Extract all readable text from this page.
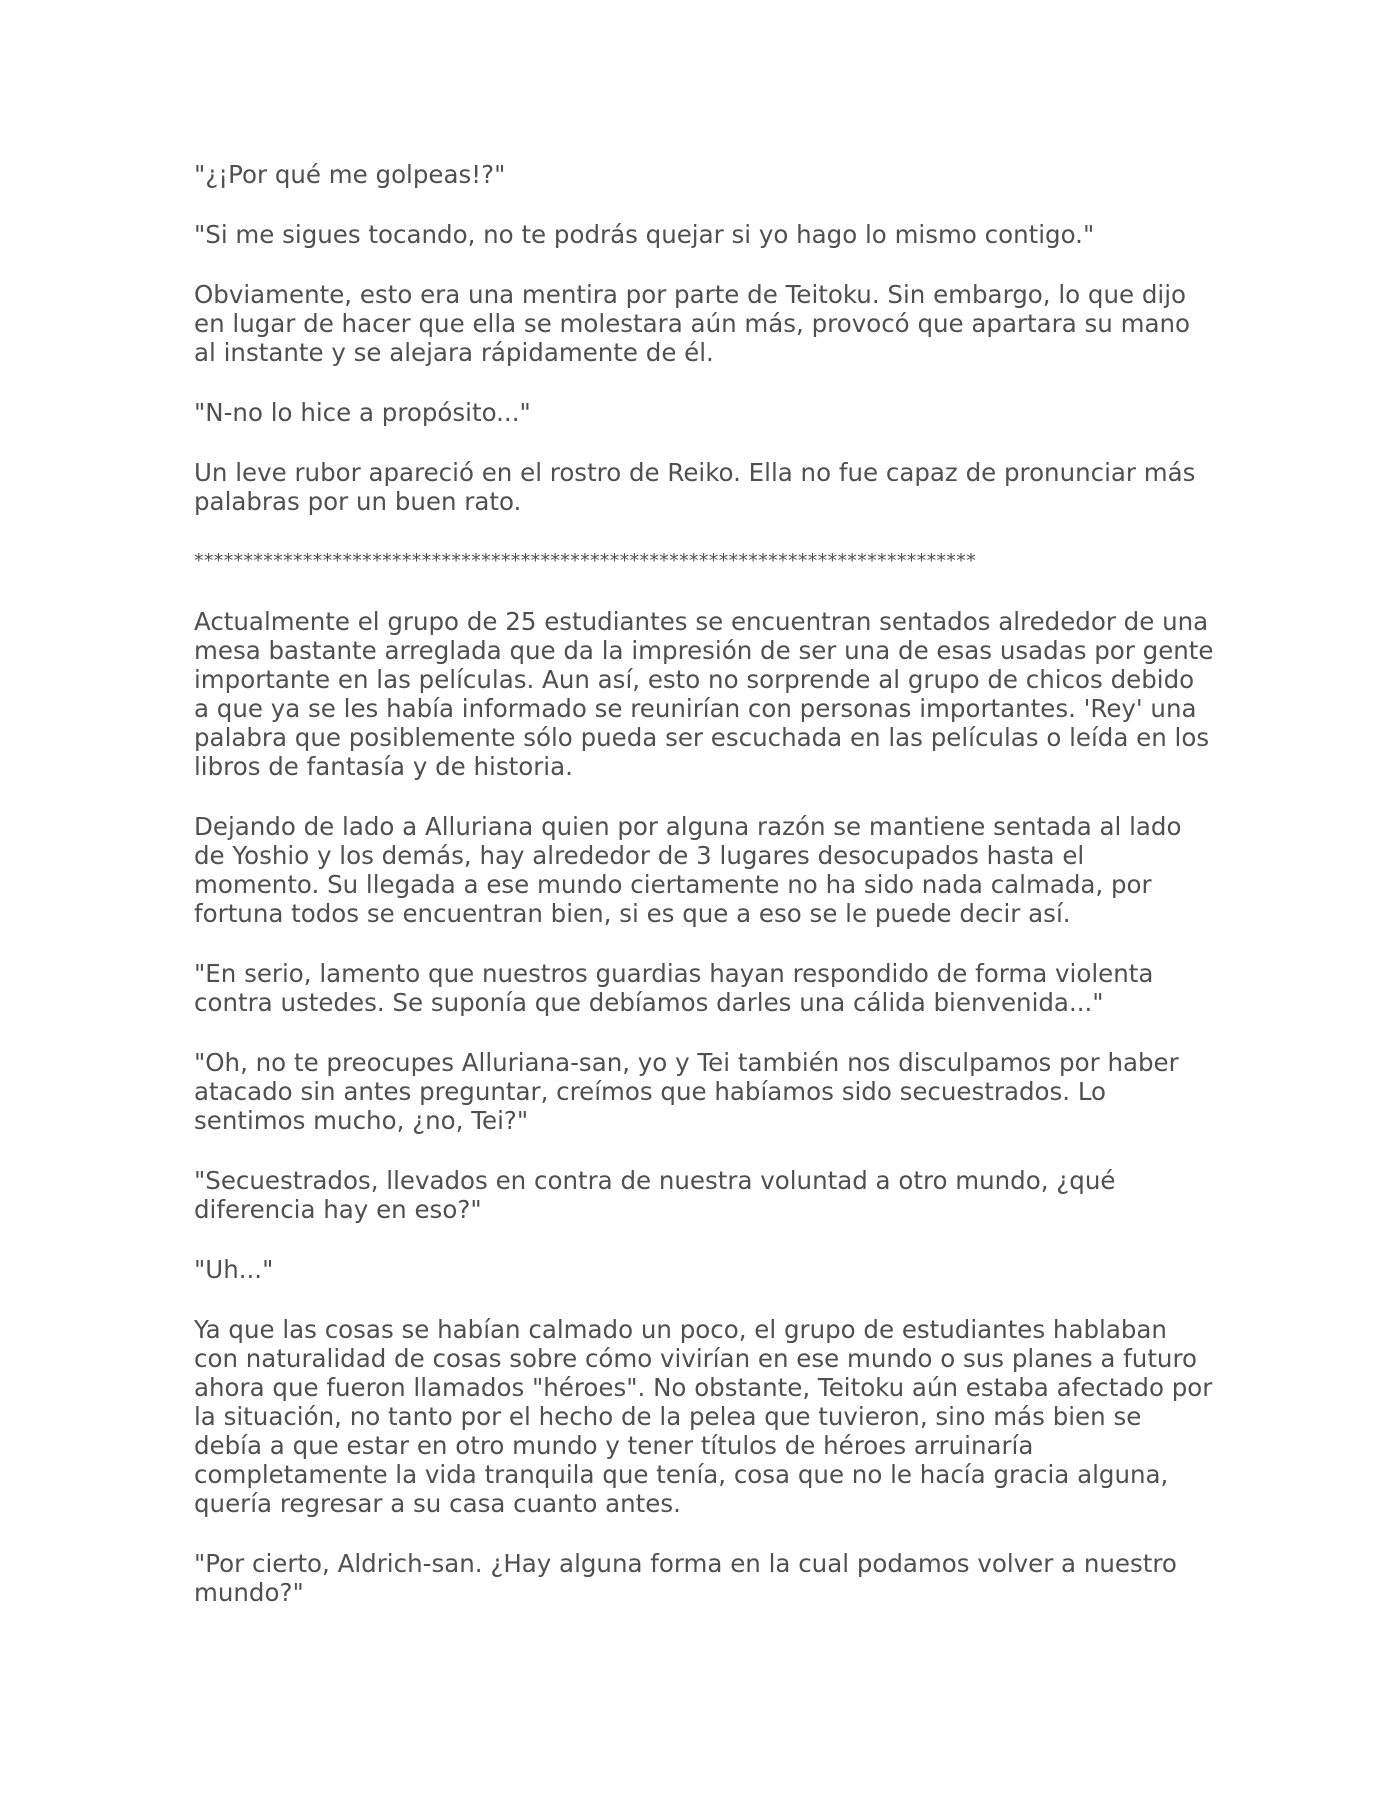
"¿¡Por qué me golpeas!?"

"Si me sigues tocando, no te podrás quejar si yo hago lo mismo contigo."

Obviamente, esto era una mentira por parte de Teitoku. Sin embargo, lo que dijo en lugar de hacer que ella se molestara aún más, provocó que apartara su mano al instante y se alejara rápidamente de él.

"N-no lo hice a propósito..."

Un leve rubor apareció en el rostro de Reiko. Ella no fue capaz de pronunciar más palabras por un buen rato.

*******************************************************************************

Actualmente el grupo de 25 estudiantes se encuentran sentados alrededor de una mesa bastante arreglada que da la impresión de ser una de esas usadas por gente importante en las películas. Aun así, esto no sorprende al grupo de chicos debido a que ya se les había informado se reunirían con personas importantes. 'Rey' una palabra que posiblemente sólo pueda ser escuchada en las películas o leída en los libros de fantasía y de historia.

Dejando de lado a Alluriana quien por alguna razón se mantiene sentada al lado de Yoshio y los demás, hay alrededor de 3 lugares desocupados hasta el momento. Su llegada a ese mundo ciertamente no ha sido nada calmada, por fortuna todos se encuentran bien, si es que a eso se le puede decir así.

"En serio, lamento que nuestros guardias hayan respondido de forma violenta contra ustedes. Se suponía que debíamos darles una cálida bienvenida..."

"Oh, no te preocupes Alluriana-san, yo y Tei también nos disculpamos por haber atacado sin antes preguntar, creímos que habíamos sido secuestrados. Lo sentimos mucho, ¿no, Tei?"

"Secuestrados, llevados en contra de nuestra voluntad a otro mundo, ¿qué diferencia hay en eso?"

"Uh..."

Ya que las cosas se habían calmado un poco, el grupo de estudiantes hablaban con naturalidad de cosas sobre cómo vivirían en ese mundo o sus planes a futuro ahora que fueron llamados "héroes". No obstante, Teitoku aún estaba afectado por la situación, no tanto por el hecho de la pelea que tuvieron, sino más bien se debía a que estar en otro mundo y tener títulos de héroes arruinaría completamente la vida tranquila que tenía, cosa que no le hacía gracia alguna, quería regresar a su casa cuanto antes.

"Por cierto, Aldrich-san. ¿Hay alguna forma en la cual podamos volver a nuestro mundo?"
